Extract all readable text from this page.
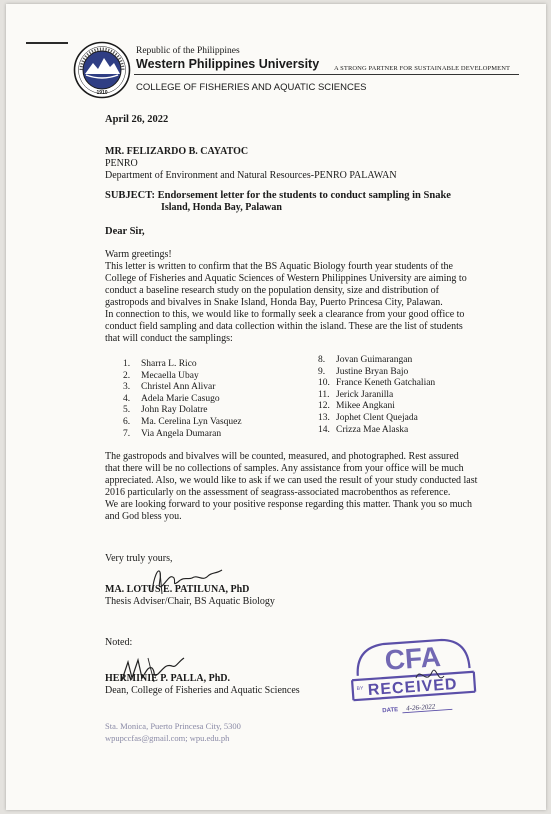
1910
Republic of the Philippines
Western Philippines University A STRONG PARTNER FOR SUSTAINABLE DEVELOPMENT
COLLEGE OF FISHERIES AND AQUATIC SCIENCES
April 26, 2022
MR. FELIZARDO B. CAYATOC
PENRO
Department of Environment and Natural Resources-PENRO PALAWAN
SUBJECT: Endorsement letter for the students to conduct sampling in Snake
Island, Honda Bay, Palawan
Dear Sir,
Warm greetings!
This letter is written to confirm that the BS Aquatic Biology fourth year students of the
College of Fisheries and Aquatic Sciences of Western Philippines University are aiming to
conduct a baseline research study on the population density, size and distribution of
gastropods and bivalves in Snake Island, Honda Bay, Puerto Princesa City, Palawan.
In connection to this, we would like to formally seek a clearance from your good office to
conduct field sampling and data collection within the island. These are the list of students
that will conduct the samplings:
1. Sharra L. Rico
2. Mecaella Ubay
3. Christel Ann Alivar
4. Adela Marie Casugo
5. John Ray Dolatre
6. Ma. Cerelina Lyn Vasquez
7. Via Angela Dumaran
8. Jovan Guimarangan
9. Justine Bryan Bajo
10. France Keneth Gatchalian
11. Jerick Jaranilla
12. Mikee Angkani
13. Jophet Clent Quejada
14. Crizza Mae Alaska
The gastropods and bivalves will be counted, measured, and photographed. Rest assured
that there will be no collections of samples. Any assistance from your office will be much
appreciated. Also, we would like to ask if we can used the result of your study conducted last
2016 particularly on the assessment of seagrass-associated macrobenthos as reference.
We are looking forward to your positive response regarding this matter. Thank you so much
and God bless you.
Very truly yours,
MA. LOTUS E. PATILUNA, PhD
Thesis Adviser/Chair, BS Aquatic Biology
Noted:
HERMINIE P. PALLA, PhD.
Dean, College of Fisheries and Aquatic Sciences
Sta. Monica, Puerto Princesa City, 5300
wpupccfas@gmail.com; wpu.edu.ph
CFA
RECEIVED
BY
DATE 4-26-2022
